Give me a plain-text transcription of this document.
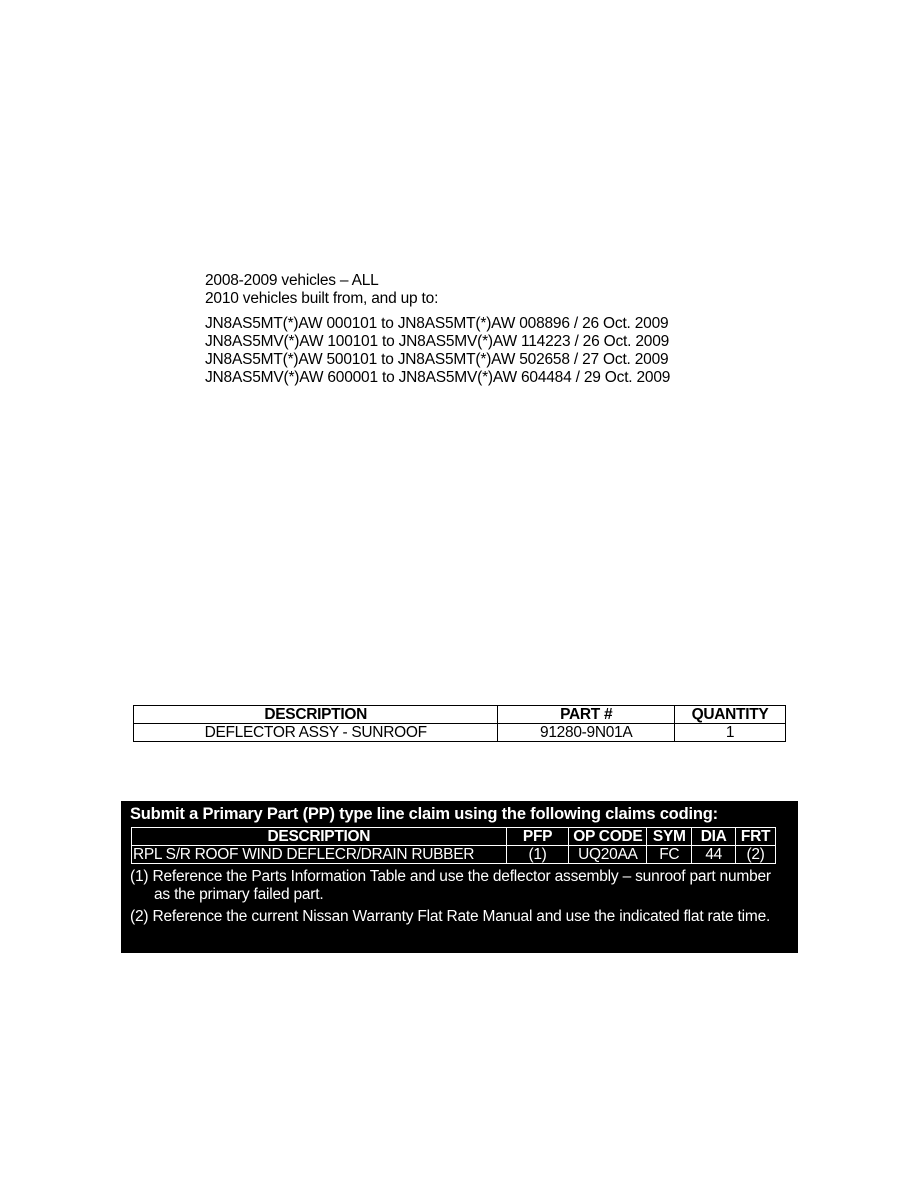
2008-2009 vehicles – ALL
2010 vehicles built from, and up to:
JN8AS5MT(*)AW 000101 to JN8AS5MT(*)AW 008896 / 26 Oct. 2009
JN8AS5MV(*)AW 100101 to JN8AS5MV(*)AW 114223 / 26 Oct. 2009
JN8AS5MT(*)AW 500101 to JN8AS5MT(*)AW 502658 / 27 Oct. 2009
JN8AS5MV(*)AW 600001 to JN8AS5MV(*)AW 604484 / 29 Oct. 2009
DESCRIPTION	PART #	QUANTITY
DEFLECTOR ASSY - SUNROOF	91280-9N01A	1
Submit a Primary Part (PP) type line claim using the following claims coding:
DESCRIPTION	PFP	OP CODE	SYM	DIA	FRT
RPL S/R ROOF WIND DEFLECR/DRAIN RUBBER	(1)	UQ20AA	FC	44	(2)
(1) Reference the Parts Information Table and use the deflector assembly – sunroof part number as the primary failed part.
(2) Reference the current Nissan Warranty Flat Rate Manual and use the indicated flat rate time.
